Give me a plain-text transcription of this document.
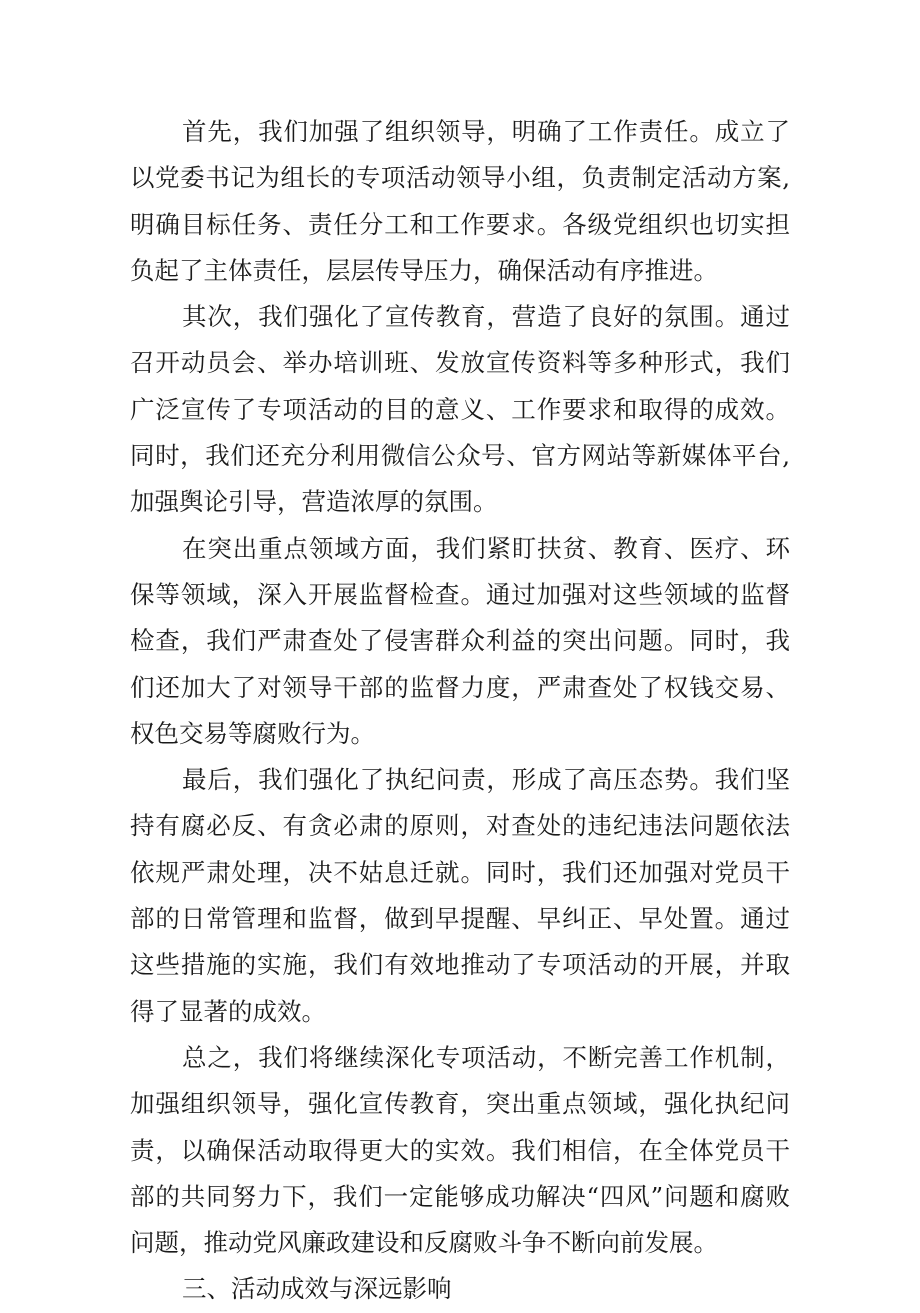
首先，我们加强了组织领导，明确了工作责任。成立了以党委书记为组长的专项活动领导小组，负责制定活动方案,明确目标任务、责任分工和工作要求。各级党组织也切实担负起了主体责任，层层传导压力，确保活动有序推进。

其次，我们强化了宣传教育，营造了良好的氛围。通过召开动员会、举办培训班、发放宣传资料等多种形式，我们广泛宣传了专项活动的目的意义、工作要求和取得的成效。同时，我们还充分利用微信公众号、官方网站等新媒体平台,加强舆论引导，营造浓厚的氛围。

在突出重点领域方面，我们紧盯扶贫、教育、医疗、环保等领域，深入开展监督检查。通过加强对这些领域的监督检查，我们严肃查处了侵害群众利益的突出问题。同时，我们还加大了对领导干部的监督力度，严肃查处了权钱交易、权色交易等腐败行为。

最后，我们强化了执纪问责，形成了高压态势。我们坚持有腐必反、有贪必肃的原则，对查处的违纪违法问题依法依规严肃处理，决不姑息迁就。同时，我们还加强对党员干部的日常管理和监督，做到早提醒、早纠正、早处置。通过这些措施的实施，我们有效地推动了专项活动的开展，并取得了显著的成效。

总之，我们将继续深化专项活动，不断完善工作机制，加强组织领导，强化宣传教育，突出重点领域，强化执纪问责，以确保活动取得更大的实效。我们相信，在全体党员干部的共同努力下，我们一定能够成功解决“四风”问题和腐败问题，推动党风廉政建设和反腐败斗争不断向前发展。

三、活动成效与深远影响
